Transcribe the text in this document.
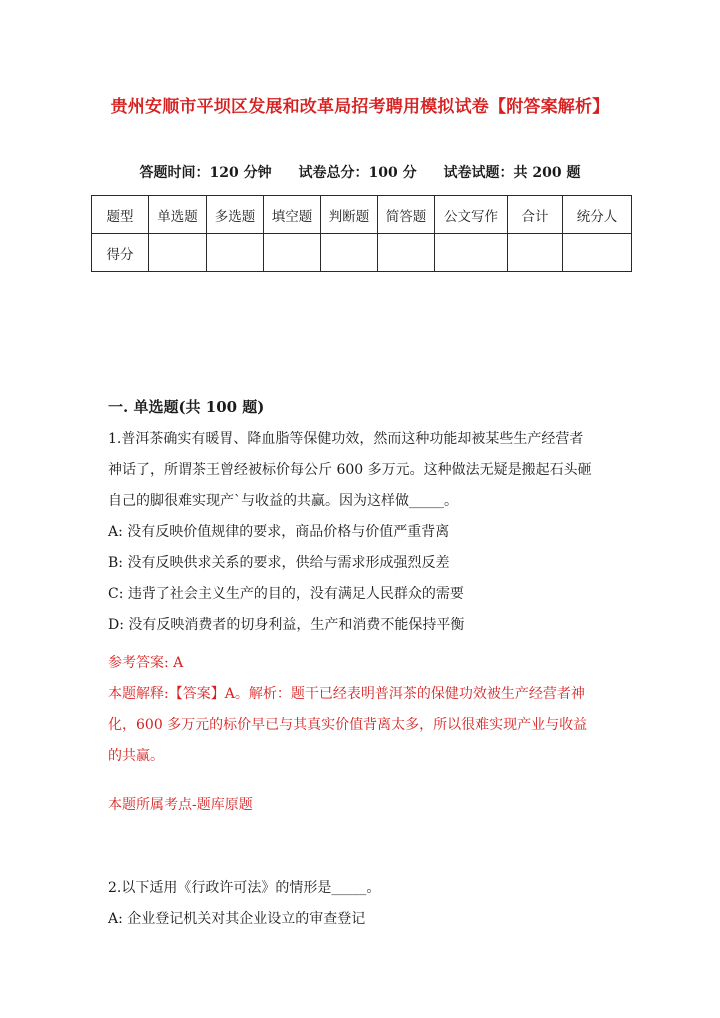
贵州安顺市平坝区发展和改革局招考聘用模拟试卷【附答案解析】
答题时间：120 分钟 试卷总分：100 分 试卷试题：共 200 题
题型	单选题	多选题	填空题	判断题	简答题	公文写作	合计	统分人
得分								
一. 单选题(共 100 题)
1.普洱茶确实有暖胃、降血脂等保健功效，然而这种功能却被某些生产经营者
神话了，所谓茶王曾经被标价每公斤 600 多万元。这种做法无疑是搬起石头砸
自己的脚很难实现产`与收益的共赢。因为这样做_____。
A: 没有反映价值规律的要求，商品价格与价值严重背离
B: 没有反映供求关系的要求，供给与需求形成强烈反差
C: 违背了社会主义生产的目的，没有满足人民群众的需要
D: 没有反映消费者的切身利益，生产和消费不能保持平衡
参考答案: A
本题解释:【答案】A。解析：题干已经表明普洱茶的保健功效被生产经营者神
化，600 多万元的标价早已与其真实价值背离太多，所以很难实现产业与收益
的共赢。
本题所属考点-题库原题
2.以下适用《行政许可法》的情形是_____。
A: 企业登记机关对其企业设立的审查登记
